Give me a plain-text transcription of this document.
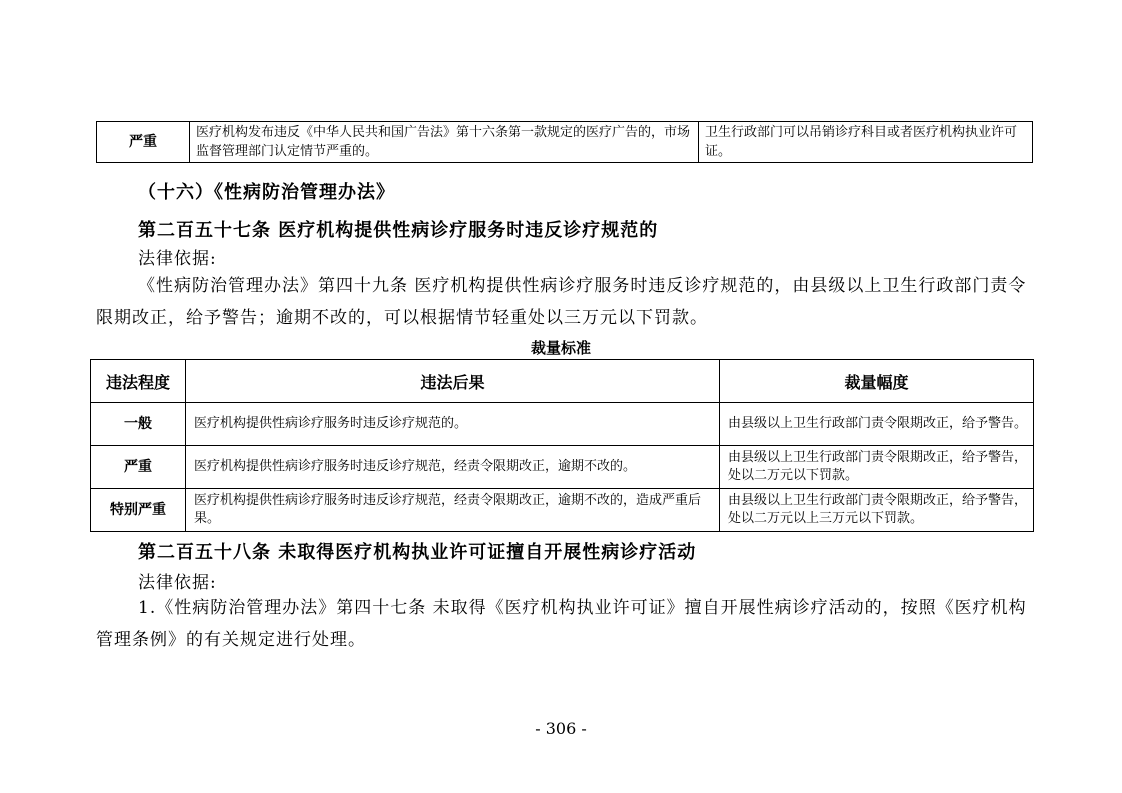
严重	医疗机构发布违反《中华人民共和国广告法》第十六条第一款规定的医疗广告的，市场监督管理部门认定情节严重的。	卫生行政部门可以吊销诊疗科目或者医疗机构执业许可证。
（十六）《性病防治管理办法》
第二百五十七条 医疗机构提供性病诊疗服务时违反诊疗规范的
法律依据:
《性病防治管理办法》第四十九条 医疗机构提供性病诊疗服务时违反诊疗规范的，由县级以上卫生行政部门责令限期改正，给予警告；逾期不改的，可以根据情节轻重处以三万元以下罚款。
裁量标准
违法程度	违法后果	裁量幅度
一般	医疗机构提供性病诊疗服务时违反诊疗规范的。	由县级以上卫生行政部门责令限期改正，给予警告。
严重	医疗机构提供性病诊疗服务时违反诊疗规范，经责令限期改正，逾期不改的。	由县级以上卫生行政部门责令限期改正，给予警告，处以二万元以下罚款。
特别严重	医疗机构提供性病诊疗服务时违反诊疗规范，经责令限期改正，逾期不改的，造成严重后果。	由县级以上卫生行政部门责令限期改正，给予警告，处以二万元以上三万元以下罚款。
第二百五十八条 未取得医疗机构执业许可证擅自开展性病诊疗活动
法律依据:
1.《性病防治管理办法》第四十七条 未取得《医疗机构执业许可证》擅自开展性病诊疗活动的，按照《医疗机构管理条例》的有关规定进行处理。
- 306 -
